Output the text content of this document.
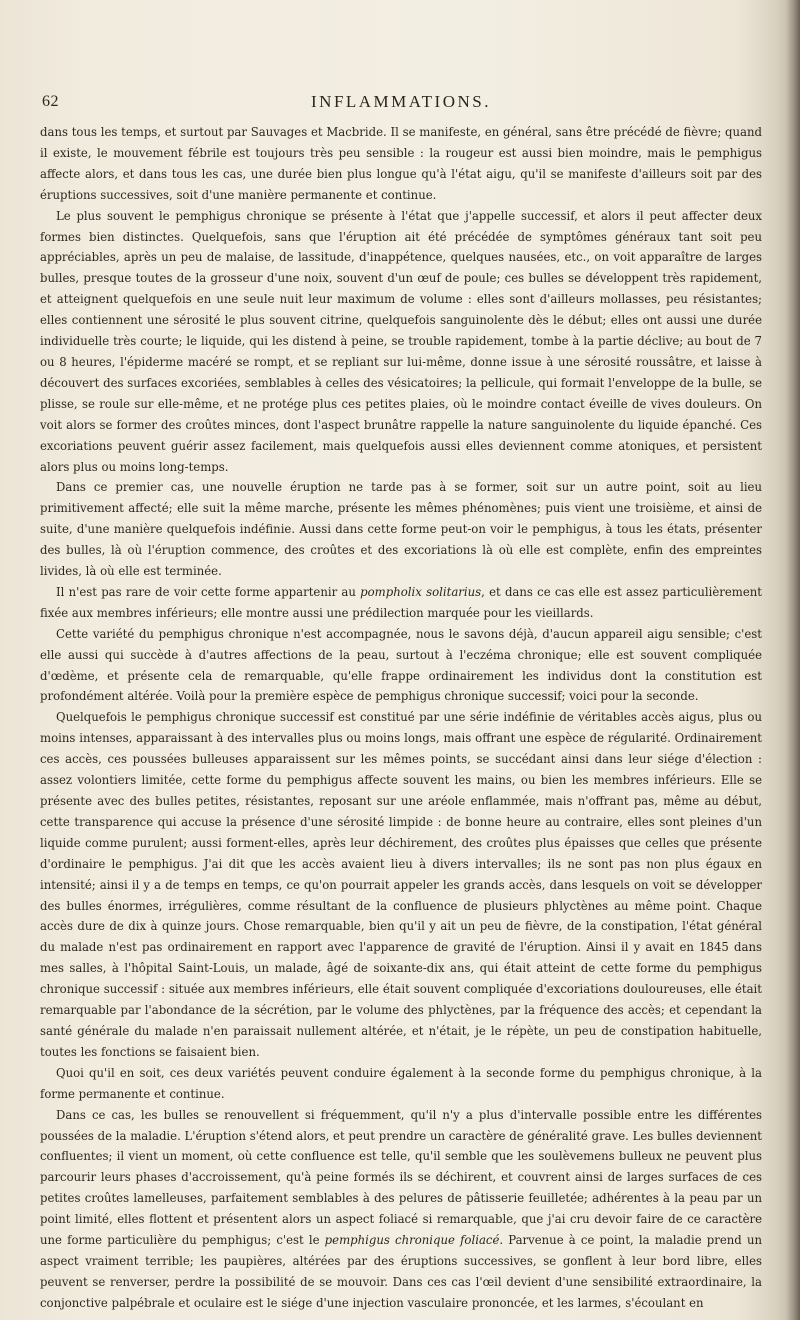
62	INFLAMMATIONS.

dans tous les temps, et surtout par Sauvages et Macbride. Il se manifeste, en général, sans être précédé de fièvre; quand il existe, le mouvement fébrile est toujours très peu sensible : la rougeur est aussi bien moindre, mais le pemphigus affecte alors, et dans tous les cas, une durée bien plus longue qu'à l'état aigu, qu'il se manifeste d'ailleurs soit par des éruptions successives, soit d'une manière permanente et continue.

Le plus souvent le pemphigus chronique se présente à l'état que j'appelle successif, et alors il peut affecter deux formes bien distinctes. Quelquefois, sans que l'éruption ait été précédée de symptômes généraux tant soit peu appréciables, après un peu de malaise, de lassitude, d'inappétence, quelques nausées, etc., on voit apparaître de larges bulles, presque toutes de la grosseur d'une noix, souvent d'un œuf de poule; ces bulles se développent très rapidement, et atteignent quelquefois en une seule nuit leur maximum de volume : elles sont d'ailleurs mollasses, peu résistantes; elles contiennent une sérosité le plus souvent citrine, quelquefois sanguinolente dès le début; elles ont aussi une durée individuelle très courte; le liquide, qui les distend à peine, se trouble rapidement, tombe à la partie déclive; au bout de 7 ou 8 heures, l'épiderme macéré se rompt, et se repliant sur lui-même, donne issue à une sérosité roussâtre, et laisse à découvert des surfaces excoriées, semblables à celles des vésicatoires; la pellicule, qui formait l'enveloppe de la bulle, se plisse, se roule sur elle-même, et ne protége plus ces petites plaies, où le moindre contact éveille de vives douleurs. On voit alors se former des croûtes minces, dont l'aspect brunâtre rappelle la nature sanguinolente du liquide épanché. Ces excoriations peuvent guérir assez facilement, mais quelquefois aussi elles deviennent comme atoniques, et persistent alors plus ou moins long-temps.

Dans ce premier cas, une nouvelle éruption ne tarde pas à se former, soit sur un autre point, soit au lieu primitivement affecté; elle suit la même marche, présente les mêmes phénomènes; puis vient une troisième, et ainsi de suite, d'une manière quelquefois indéfinie. Aussi dans cette forme peut-on voir le pemphigus, à tous les états, présenter des bulles, là où l'éruption commence, des croûtes et des excoriations là où elle est complète, enfin des empreintes livides, là où elle est terminée.

Il n'est pas rare de voir cette forme appartenir au pompholix solitarius, et dans ce cas elle est assez particulièrement fixée aux membres inférieurs; elle montre aussi une prédilection marquée pour les vieillards.

Cette variété du pemphigus chronique n'est accompagnée, nous le savons déjà, d'aucun appareil aigu sensible; c'est elle aussi qui succède à d'autres affections de la peau, surtout à l'eczéma chronique; elle est souvent compliquée d'œdème, et présente cela de remarquable, qu'elle frappe ordinairement les individus dont la constitution est profondément altérée. Voilà pour la première espèce de pemphigus chronique successif; voici pour la seconde.

Quelquefois le pemphigus chronique successif est constitué par une série indéfinie de véritables accès aigus, plus ou moins intenses, apparaissant à des intervalles plus ou moins longs, mais offrant une espèce de régularité. Ordinairement ces accès, ces poussées bulleuses apparaissent sur les mêmes points, se succédant ainsi dans leur siége d'élection : assez volontiers limitée, cette forme du pemphigus affecte souvent les mains, ou bien les membres inférieurs. Elle se présente avec des bulles petites, résistantes, reposant sur une aréole enflammée, mais n'offrant pas, même au début, cette transparence qui accuse la présence d'une sérosité limpide : de bonne heure au contraire, elles sont pleines d'un liquide comme purulent; aussi forment-elles, après leur déchirement, des croûtes plus épaisses que celles que présente d'ordinaire le pemphigus. J'ai dit que les accès avaient lieu à divers intervalles; ils ne sont pas non plus égaux en intensité; ainsi il y a de temps en temps, ce qu'on pourrait appeler les grands accès, dans lesquels on voit se développer des bulles énormes, irrégulières, comme résultant de la confluence de plusieurs phlyctènes au même point. Chaque accès dure de dix à quinze jours. Chose remarquable, bien qu'il y ait un peu de fièvre, de la constipation, l'état général du malade n'est pas ordinairement en rapport avec l'apparence de gravité de l'éruption. Ainsi il y avait en 1845 dans mes salles, à l'hôpital Saint-Louis, un malade, âgé de soixante-dix ans, qui était atteint de cette forme du pemphigus chronique successif : située aux membres inférieurs, elle était souvent compliquée d'excoriations douloureuses, elle était remarquable par l'abondance de la sécrétion, par le volume des phlyctènes, par la fréquence des accès; et cependant la santé générale du malade n'en paraissait nullement altérée, et n'était, je le répète, un peu de constipation habituelle, toutes les fonctions se faisaient bien.

Quoi qu'il en soit, ces deux variétés peuvent conduire également à la seconde forme du pemphigus chronique, à la forme permanente et continue.

Dans ce cas, les bulles se renouvellent si fréquemment, qu'il n'y a plus d'intervalle possible entre les différentes poussées de la maladie. L'éruption s'étend alors, et peut prendre un caractère de généralité grave. Les bulles deviennent confluentes; il vient un moment, où cette confluence est telle, qu'il semble que les soulèvemens bulleux ne peuvent plus parcourir leurs phases d'accroissement, qu'à peine formés ils se déchirent, et couvrent ainsi de larges surfaces de ces petites croûtes lamelleuses, parfaitement semblables à des pelures de pâtisserie feuilletée; adhérentes à la peau par un point limité, elles flottent et présentent alors un aspect foliacé si remarquable, que j'ai cru devoir faire de ce caractère une forme particulière du pemphigus; c'est le pemphigus chronique foliacé. Parvenue à ce point, la maladie prend un aspect vraiment terrible; les paupières, altérées par des éruptions successives, se gonflent à leur bord libre, elles peuvent se renverser, perdre la possibilité de se mouvoir. Dans ces cas l'œil devient d'une sensibilité extraordinaire, la conjonctive palpébrale et oculaire est le siége d'une injection vasculaire prononcée, et les larmes, s'écoulant en
